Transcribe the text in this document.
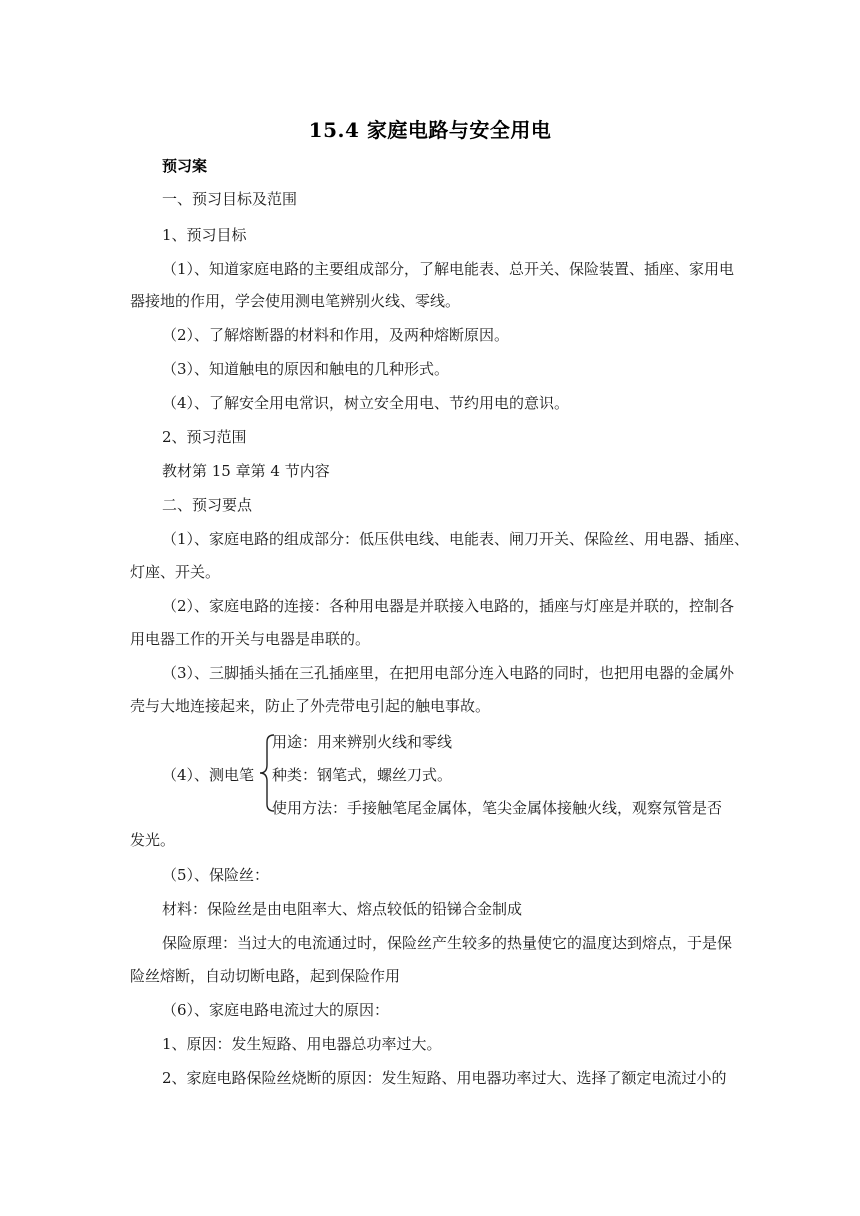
15.4 家庭电路与安全用电
预习案
一、预习目标及范围
1、预习目标
（1）、知道家庭电路的主要组成部分，了解电能表、总开关、保险装置、插座、家用电
器接地的作用，学会使用测电笔辨别火线、零线。
（2）、了解熔断器的材料和作用，及两种熔断原因。
（3）、知道触电的原因和触电的几种形式。
（4）、了解安全用电常识，树立安全用电、节约用电的意识。
2、预习范围
教材第 15 章第 4 节内容
二、预习要点
（1）、家庭电路的组成部分：低压供电线、电能表、闸刀开关、保险丝、用电器、插座、
灯座、开关。
（2）、家庭电路的连接：各种用电器是并联接入电路的，插座与灯座是并联的，控制各
用电器工作的开关与电器是串联的。
（3）、三脚插头插在三孔插座里，在把用电部分连入电路的同时，也把用电器的金属外
壳与大地连接起来，防止了外壳带电引起的触电事故。
（4）、测电笔
用途：用来辨别火线和零线
种类：钢笔式，螺丝刀式。
使用方法：手接触笔尾金属体，笔尖金属体接触火线，观察氖管是否
发光。
（5）、保险丝：
材料：保险丝是由电阻率大、熔点较低的铅锑合金制成
保险原理：当过大的电流通过时，保险丝产生较多的热量使它的温度达到熔点，于是保
险丝熔断，自动切断电路，起到保险作用
（6）、家庭电路电流过大的原因：
1、原因：发生短路、用电器总功率过大。
2、家庭电路保险丝烧断的原因：发生短路、用电器功率过大、选择了额定电流过小的
